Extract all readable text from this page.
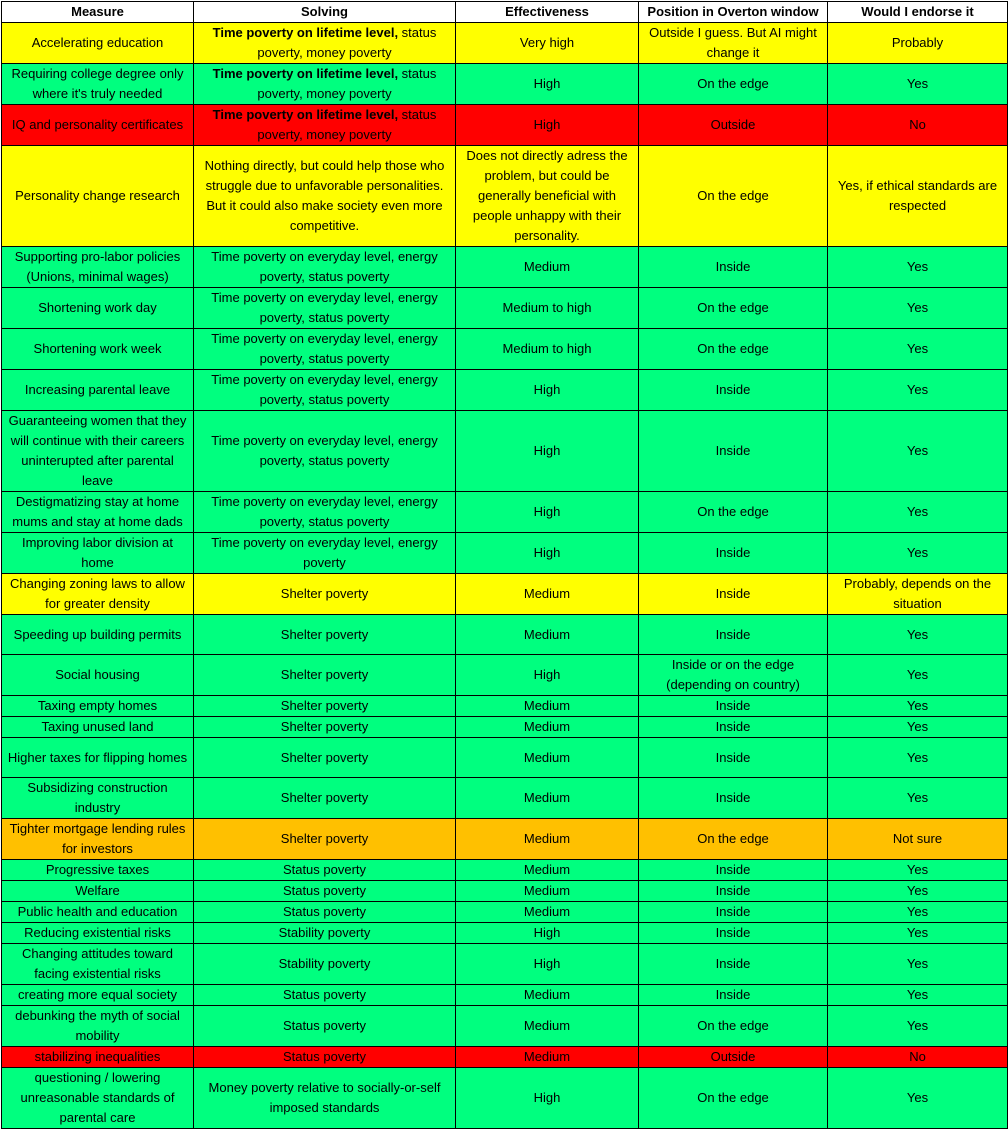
Measure	Solving	Effectiveness	Position in Overton window	Would I endorse it
Accelerating education	Time poverty on lifetime level, status poverty, money poverty	Very high	Outside I guess. But AI might change it	Probably
Requiring college degree only where it's truly needed	Time poverty on lifetime level, status poverty, money poverty	High	On the edge	Yes
IQ and personality certificates	Time poverty on lifetime level, status poverty, money poverty	High	Outside	No
Personality change research	Nothing directly, but could help those who struggle due to unfavorable personalities. But it could also make society even more competitive.	Does not directly adress the problem, but could be generally beneficial with people unhappy with their personality.	On the edge	Yes, if ethical standards are respected
Supporting pro-labor policies (Unions, minimal wages)	Time poverty on everyday level, energy poverty, status poverty	Medium	Inside	Yes
Shortening work day	Time poverty on everyday level, energy poverty, status poverty	Medium to high	On the edge	Yes
Shortening work week	Time poverty on everyday level, energy poverty, status poverty	Medium to high	On the edge	Yes
Increasing parental leave	Time poverty on everyday level, energy poverty, status poverty	High	Inside	Yes
Guaranteeing women that they will continue with their careers uninterupted after parental leave	Time poverty on everyday level, energy poverty, status poverty	High	Inside	Yes
Destigmatizing stay at home mums and stay at home dads	Time poverty on everyday level, energy poverty, status poverty	High	On the edge	Yes
Improving labor division at home	Time poverty on everyday level, energy poverty	High	Inside	Yes
Changing zoning laws to allow for greater density	Shelter poverty	Medium	Inside	Probably, depends on the situation
Speeding up building permits	Shelter poverty	Medium	Inside	Yes
Social housing	Shelter poverty	High	Inside or on the edge (depending on country)	Yes
Taxing empty homes	Shelter poverty	Medium	Inside	Yes
Taxing unused land	Shelter poverty	Medium	Inside	Yes
Higher taxes for flipping homes	Shelter poverty	Medium	Inside	Yes
Subsidizing construction industry	Shelter poverty	Medium	Inside	Yes
Tighter mortgage lending rules for investors	Shelter poverty	Medium	On the edge	Not sure
Progressive taxes	Status poverty	Medium	Inside	Yes
Welfare	Status poverty	Medium	Inside	Yes
Public health and education	Status poverty	Medium	Inside	Yes
Reducing existential risks	Stability poverty	High	Inside	Yes
Changing attitudes toward facing existential risks	Stability poverty	High	Inside	Yes
creating more equal society	Status poverty	Medium	Inside	Yes
debunking the myth of social mobility	Status poverty	Medium	On the edge	Yes
stabilizing inequalities	Status poverty	Medium	Outside	No
questioning / lowering unreasonable standards of parental care	Money poverty relative to socially-or-self imposed standards	High	On the edge	Yes
